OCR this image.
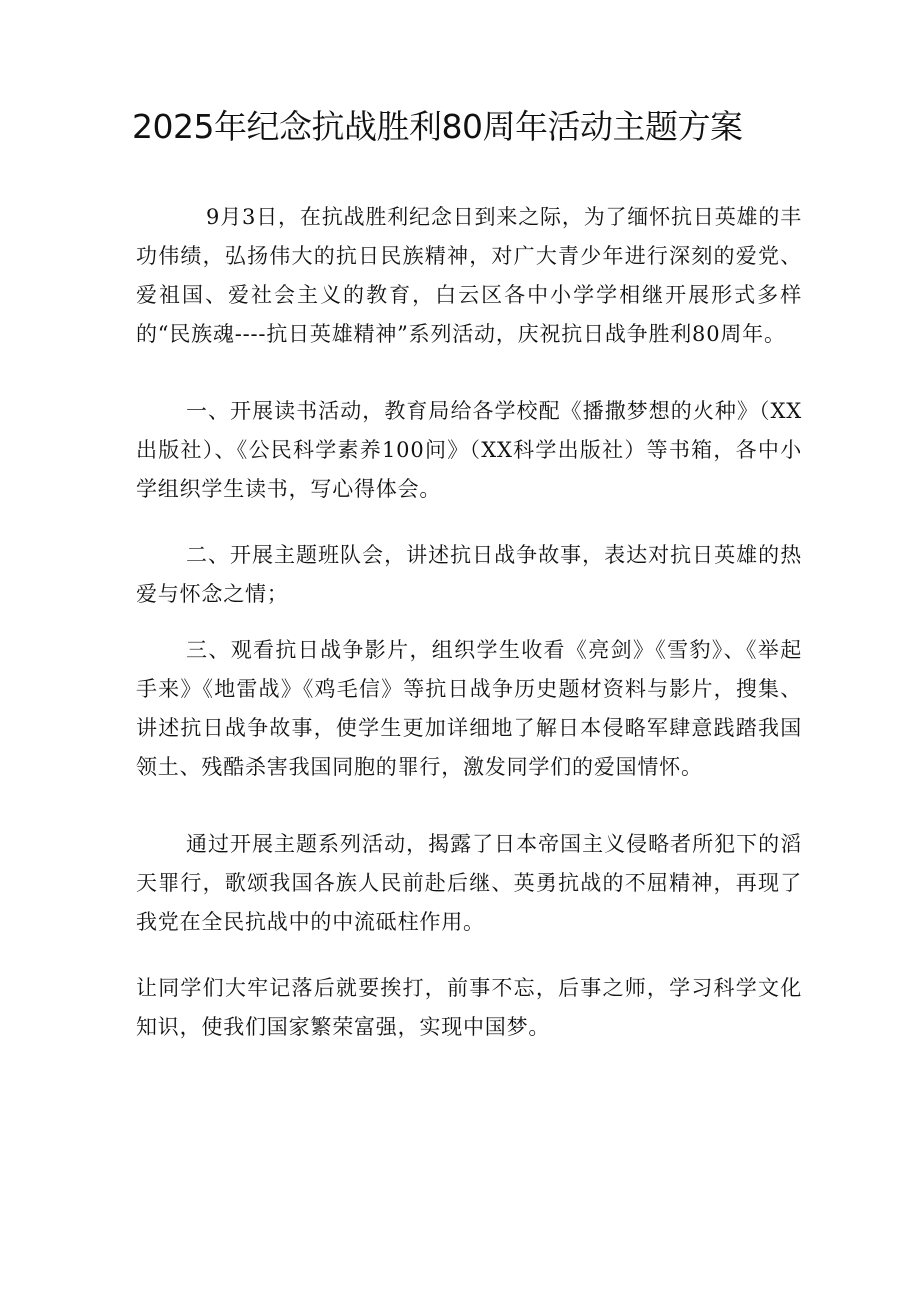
2025年纪念抗战胜利80周年活动主题方案

9月3日，在抗战胜利纪念日到来之际，为了缅怀抗日英雄的丰功伟绩，弘扬伟大的抗日民族精神，对广大青少年进行深刻的爱党、爱祖国、爱社会主义的教育，白云区各中小学学相继开展形式多样的“民族魂----抗日英雄精神”系列活动，庆祝抗日战争胜利80周年。

一、开展读书活动，教育局给各学校配《播撒梦想的火种》（XX出版社）、《公民科学素养100问》（XX科学出版社）等书箱，各中小学组织学生读书，写心得体会。

二、开展主题班队会，讲述抗日战争故事，表达对抗日英雄的热爱与怀念之情；

三、观看抗日战争影片，组织学生收看《亮剑》《雪豹》、《举起手来》《地雷战》《鸡毛信》等抗日战争历史题材资料与影片，搜集、讲述抗日战争故事，使学生更加详细地了解日本侵略军肆意践踏我国领土、残酷杀害我国同胞的罪行，激发同学们的爱国情怀。

通过开展主题系列活动，揭露了日本帝国主义侵略者所犯下的滔天罪行，歌颂我国各族人民前赴后继、英勇抗战的不屈精神，再现了我党在全民抗战中的中流砥柱作用。

让同学们大牢记落后就要挨打，前事不忘，后事之师，学习科学文化知识，使我们国家繁荣富强，实现中国梦。
